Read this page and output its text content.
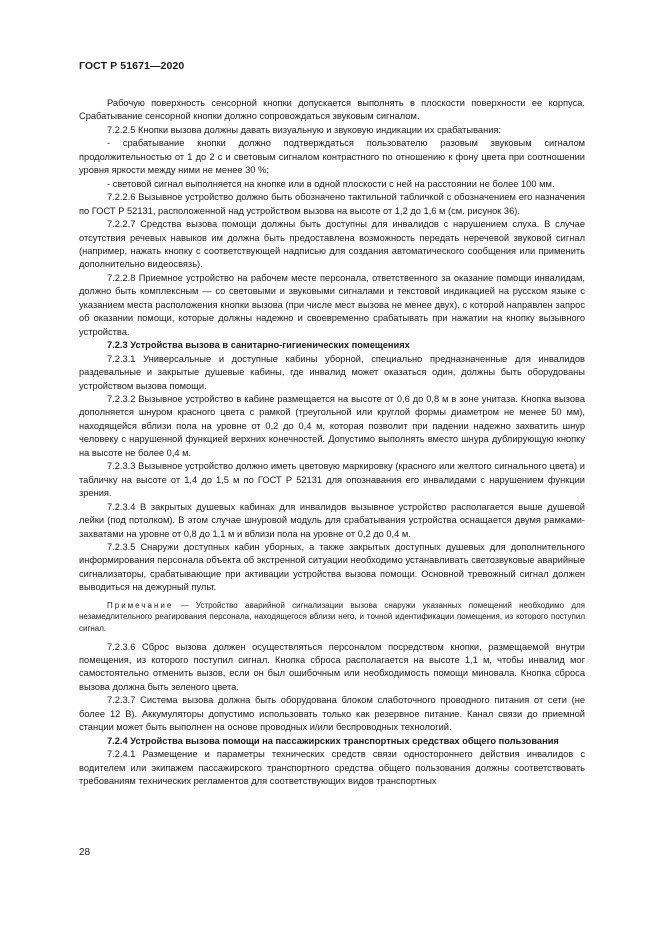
ГОСТ Р 51671—2020

Рабочую поверхность сенсорной кнопки допускается выполнять в плоскости поверхности ее корпуса. Срабатывание сенсорной кнопки должно сопровождаться звуковым сигналом.

7.2.2.5 Кнопки вызова должны давать визуальную и звуковую индикации их срабатывания:

- срабатывание кнопки должно подтверждаться пользователю разовым звуковым сигналом продолжительностью от 1 до 2 с и световым сигналом контрастного по отношению к фону цвета при соотношении уровня яркости между ними не менее 30 %;

- световой сигнал выполняется на кнопке или в одной плоскости с ней на расстоянии не более 100 мм.

7.2.2.6 Вызывное устройство должно быть обозначено тактильной табличкой с обозначением его назначения по ГОСТ Р 52131, расположенной над устройством вызова на высоте от 1,2 до 1,6 м (см. рисунок 36).

7.2.2.7 Средства вызова помощи должны быть доступны для инвалидов с нарушением слуха. В случае отсутствия речевых навыков им должна быть предоставлена возможность передать неречевой звуковой сигнал (например, нажать кнопку с соответствующей надписью для создания автоматического сообщения или применить дополнительно видеосвязь).

7.2.2.8 Приемное устройство на рабочем месте персонала, ответственного за оказание помощи инвалидам, должно быть комплексным — со световыми и звуковыми сигналами и текстовой индикацией на русском языке с указанием места расположения кнопки вызова (при числе мест вызова не менее двух), с которой направлен запрос об оказании помощи, которые должны надежно и своевременно срабатывать при нажатии на кнопку вызывного устройства.

7.2.3 Устройства вызова в санитарно-гигиенических помещениях

7.2.3.1 Универсальные и доступные кабины уборной, специально предназначенные для инвалидов раздевальные и закрытые душевые кабины, где инвалид может оказаться один, должны быть оборудованы устройством вызова помощи.

7.2.3.2 Вызывное устройство в кабине размещается на высоте от 0,6 до 0,8 м в зоне унитаза. Кнопка вызова дополняется шнуром красного цвета с рамкой (треугольной или круглой формы диаметром не менее 50 мм), находящейся вблизи пола на уровне от 0,2 до 0,4 м, которая позволит при падении надежно захватить шнур человеку с нарушенной функцией верхних конечностей. Допустимо выполнять вместо шнура дублирующую кнопку на высоте не более 0,4 м.

7.2.3.3 Вызывное устройство должно иметь цветовую маркировку (красного или желтого сигнального цвета) и табличку на высоте от 1,4 до 1,5 м по ГОСТ Р 52131 для опознавания его инвалидами с нарушением функции зрения.

7.2.3.4 В закрытых душевых кабинах для инвалидов вызывное устройство располагается выше душевой лейки (под потолком). В этом случае шнуровой модуль для срабатывания устройства оснащается двумя рамками-захватами на уровне от 0,8 до 1,1 м и вблизи пола на уровне от 0,2 до 0,4 м.

7.2.3.5 Снаружи доступных кабин уборных, а также закрытых доступных душевых для дополнительного информирования персонала объекта об экстренной ситуации необходимо устанавливать светозвуковые аварийные сигнализаторы, срабатывающие при активации устройства вызова помощи. Основной тревожный сигнал должен выводиться на дежурный пульт.

Примечание — Устройство аварийной сигнализации вызова снаружи указанных помещений необходимо для незамедлительного реагирования персонала, находящегося вблизи него, и точной идентификации помещения, из которого поступил сигнал.

7.2.3.6 Сброс вызова должен осуществляться персоналом посредством кнопки, размещаемой внутри помещения, из которого поступил сигнал. Кнопка сброса располагается на высоте 1,1 м, чтобы инвалид мог самостоятельно отменить вызов, если он был ошибочным или необходимость помощи миновала. Кнопка сброса вызова должна быть зеленого цвета.

7.2.3.7 Система вызова должна быть оборудована блоком слаботочного проводного питания от сети (не более 12 В). Аккумуляторы допустимо использовать только как резервное питание. Канал связи до приемной станции может быть выполнен на основе проводных и/или беспроводных технологий.

7.2.4 Устройства вызова помощи на пассажирских транспортных средствах общего пользования

7.2.4.1 Размещение и параметры технических средств связи одностороннего действия инвалидов с водителем или экипажем пассажирского транспортного средства общего пользования должны соответствовать требованиям технических регламентов для соответствующих видов транспортных

28
